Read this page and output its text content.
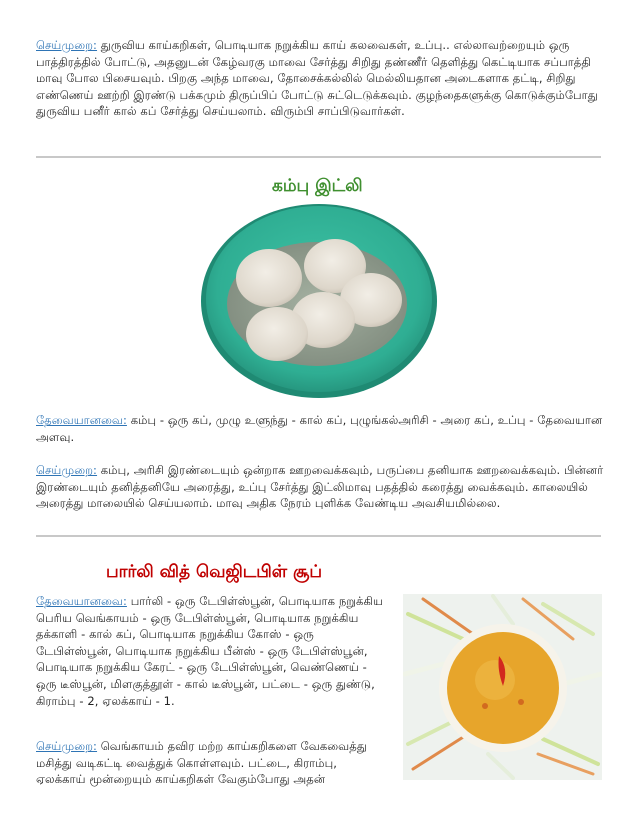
செய்முறை: துருவிய காய்கறிகள், பொடியாக நறுக்கிய காய் கலவைகள், உப்பு.. எல்லாவற்றையும் ஒரு பாத்திரத்தில் போட்டு, அதனுடன் கேழ்வரகு மாவை சேர்த்து சிறிது தண்ணீர் தெளித்து கெட்டியாக சப்பாத்தி மாவு போல பிசையவும். பிறகு அந்த மாவை, தோசைக்கல்லில் மெல்லியதான அடைகளாக தட்டி, சிறிது எண்ணெய் ஊற்றி இரண்டு பக்கமும் திருப்பிப் போட்டு சுட்டெடுக்கவும். குழந்தைகளுக்கு கொடுக்கும்போது துருவிய பனீர் கால் கப் சேர்த்து செய்யலாம். விரும்பி சாப்பிடுவார்கள்.

கம்பு இட்லி

தேவையானவை: கம்பு - ஒரு கப், முழு உளுந்து - கால் கப், புழுங்கல்அரிசி - அரை கப், உப்பு - தேவையான அளவு.

செய்முறை: கம்பு, அரிசி இரண்டையும் ஒன்றாக ஊறவைக்கவும், பருப்பை தனியாக ஊறவைக்கவும். பின்னர் இரண்டையும் தனித்தனியே அரைத்து, உப்பு சேர்த்து இட்லிமாவு பதத்தில் கரைத்து வைக்கவும். காலையில் அரைத்து மாலையில் செய்யலாம். மாவு அதிக நேரம் புளிக்க வேண்டிய அவசியமில்லை.

பார்லி வித் வெஜிடபிள் சூப்

தேவையானவை: பார்லி - ஒரு டேபிள்ஸ்பூன், பொடியாக நறுக்கிய பெரிய வெங்காயம் - ஒரு டேபிள்ஸ்பூன், பொடியாக நறுக்கிய தக்காளி - கால் கப், பொடியாக நறுக்கிய கோஸ் - ஒரு டேபிள்ஸ்பூன், பொடியாக நறுக்கிய பீன்ஸ் - ஒரு டேபிள்ஸ்பூன், பொடியாக நறுக்கிய கேரட் - ஒரு டேபிள்ஸ்பூன், வெண்ணெய் - ஒரு டீஸ்பூன், மிளகுத்தூள் - கால் டீஸ்பூன், பட்டை - ஒரு துண்டு, கிராம்பு - 2, ஏலக்காய் - 1.

செய்முறை: வெங்காயம் தவிர மற்ற காய்கறிகளை வேகவைத்து மசித்து வடிகட்டி வைத்துக் கொள்ளவும். பட்டை, கிராம்பு, ஏலக்காய் மூன்றையும் காய்கறிகள் வேகும்போது அதன்
